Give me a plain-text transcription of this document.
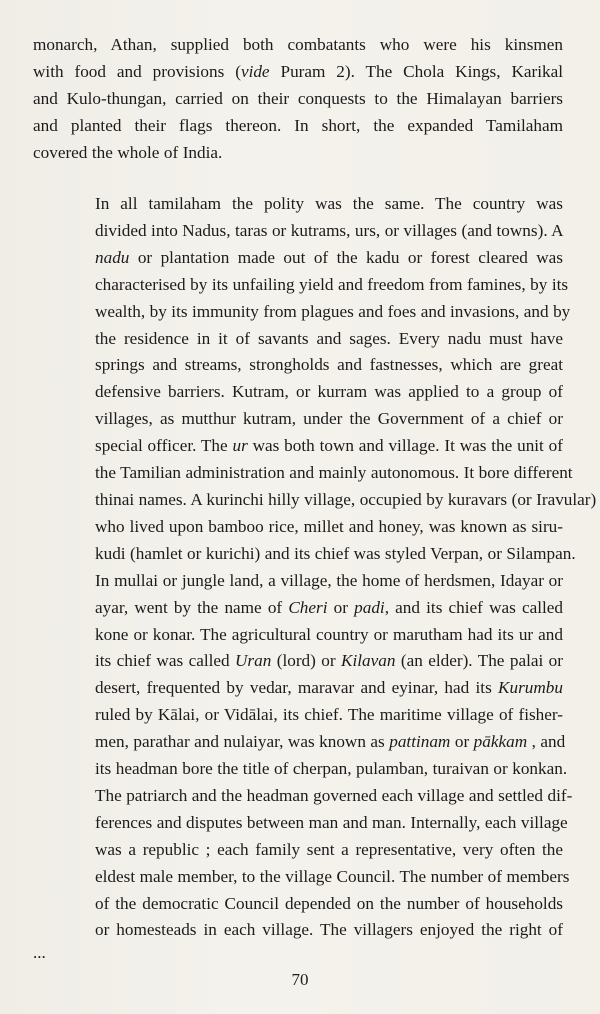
monarch, Athan, supplied both combatants who were his kinsmen
with food and provisions (vide Puram 2). The Chola Kings, Karikal
and Kulo-thungan, carried on their conquests to the Himalayan barriers
and planted their flags thereon. In short, the expanded Tamilaham
covered the whole of India.
In all tamilaham the polity was the same. The country was
divided into Nadus, taras or kutrams, urs, or villages (and towns). A
nadu or plantation made out of the kadu or forest cleared was
characterised by its unfailing yield and freedom from famines, by its
wealth, by its immunity from plagues and foes and invasions, and by
the residence in it of savants and sages. Every nadu must have
springs and streams, strongholds and fastnesses, which are great
defensive barriers. Kutram, or kurram was applied to a group of
villages, as mutthur kutram, under the Government of a chief or
special officer. The ur was both town and village. It was the unit of
the Tamilian administration and mainly autonomous. It bore different
thinai names. A kurinchi hilly village, occupied by kuravars (or Iravular)
who lived upon bamboo rice, millet and honey, was known as siru-
kudi (hamlet or kurichi) and its chief was styled Verpan, or Silampan.
In mullai or jungle land, a village, the home of herdsmen, Idayar or
ayar, went by the name of Cheri or padi, and its chief was called
kone or konar. The agricultural country or marutham had its ur and
its chief was called Uran (lord) or Kilavan (an elder). The palai or
desert, frequented by vedar, maravar and eyinar, had its Kurumbu
ruled by Kālai, or Vidālai, its chief. The maritime village of fisher-
men, parathar and nulaiyar, was known as pattinam or pākkam , and
its headman bore the title of cherpan, pulamban, turaivan or konkan.
The patriarch and the headman governed each village and settled dif-
ferences and disputes between man and man. Internally, each village
was a republic ; each family sent a representative, very often the
eldest male member, to the village Council. The number of members
of the democratic Council depended on the number of households
or homesteads in each village. The villagers enjoyed the right of
...
70
